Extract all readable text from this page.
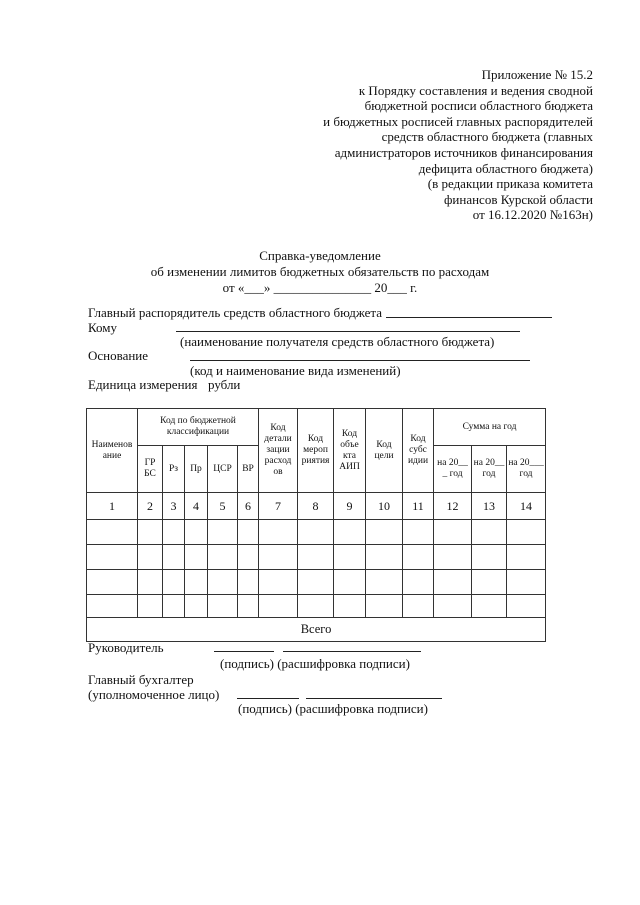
Приложение № 15.2
к Порядку составления и ведения сводной
бюджетной росписи областного бюджета
и бюджетных росписей главных распорядителей
средств областного бюджета (главных
администраторов источников финансирования
дефицита областного бюджета)
(в редакции приказа комитета
финансов Курской области
от 16.12.2020 №163н)
Справка-уведомление
об изменении лимитов бюджетных обязательств по расходам
от «___» _______________ 20___ г.
Главный распорядитель средств областного бюджета
Кому
(наименование получателя средств областного бюджета)
Основание
(код и наименование вида изменений)
Единица измерения рубли
Наименов ание	Код по бюджетной классификации					Код детали зации расход ов	Код мероп риятия	Код объе кта АИП	Код цели	Код субс идии	Сумма на год		
	ГР БС	Рз	Пр	ЦСР	ВР						на 20__ _ год	на 20__ год	на 20___ год
1	2	3	4	5	6	7	8	9	10	11	12	13	14

Всего													
Руководитель
(подпись) (расшифровка подписи)
Главный бухгалтер
(уполномоченное лицо)
(подпись) (расшифровка подписи)
